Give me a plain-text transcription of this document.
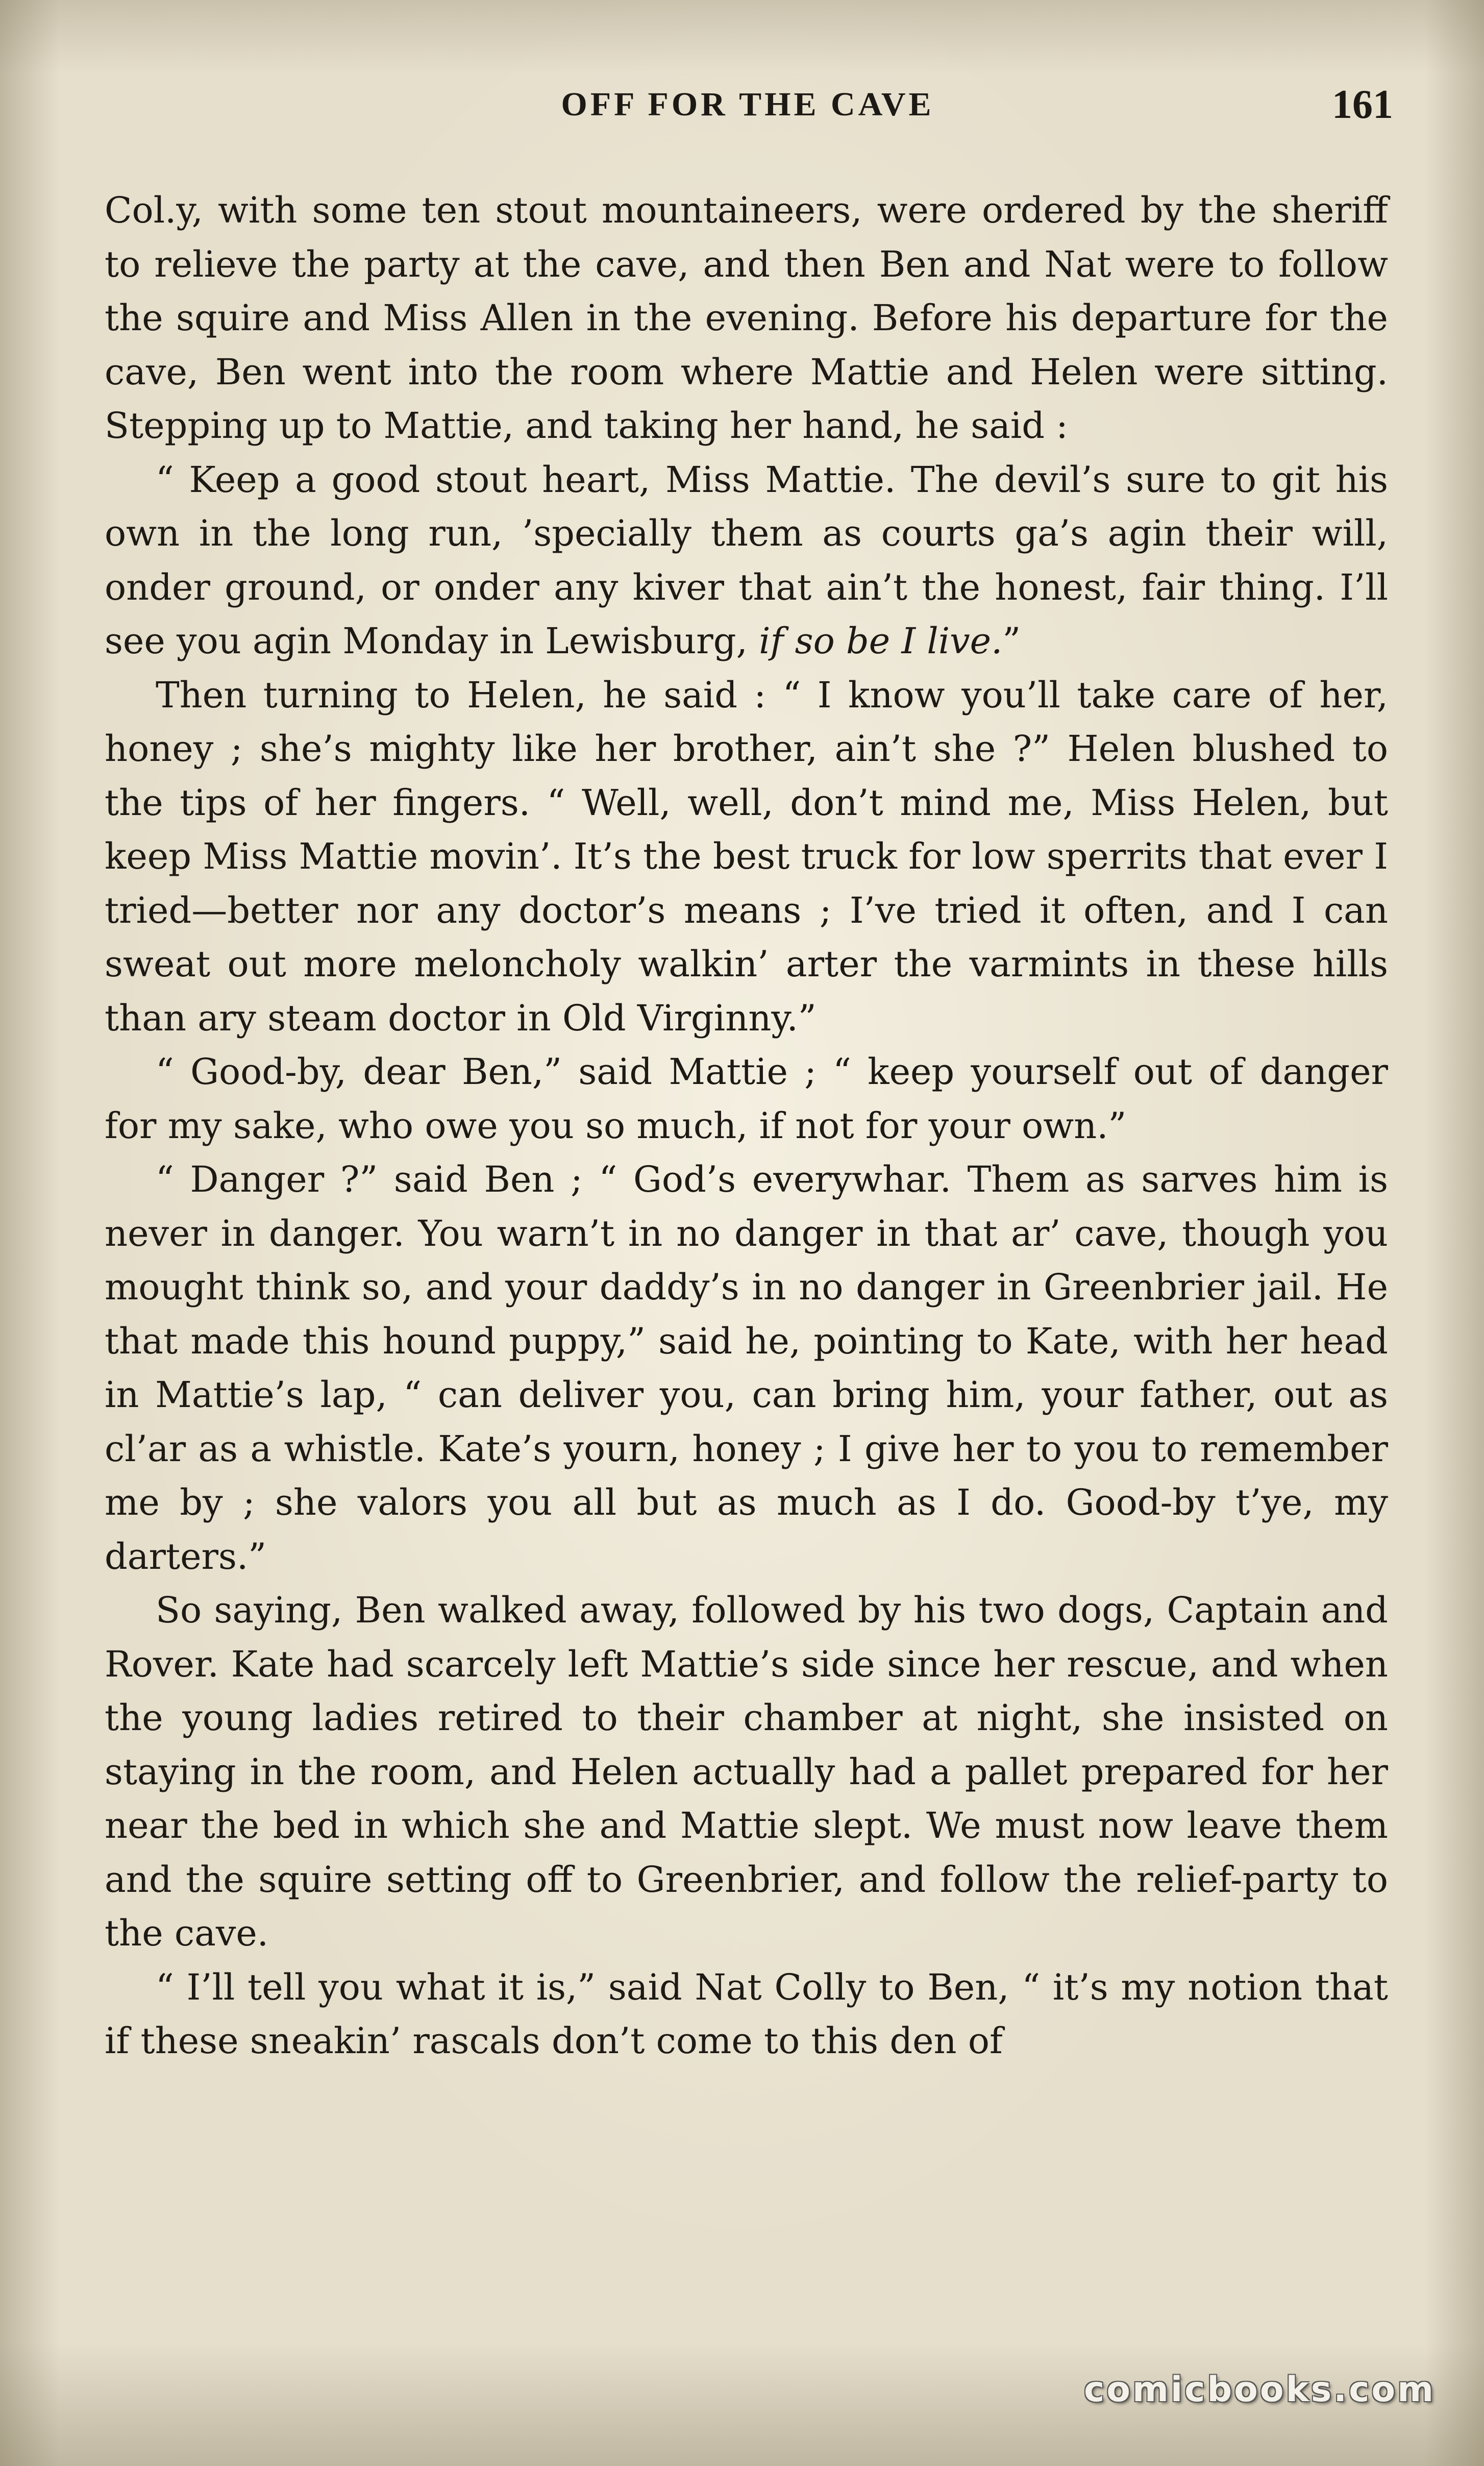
OFF FOR THE CAVE	161

Col.y, with some ten stout mountaineers, were ordered by the sheriff to relieve the party at the cave, and then Ben and Nat were to follow the squire and Miss Allen in the evening. Before his departure for the cave, Ben went into the room where Mattie and Helen were sitting. Stepping up to Mattie, and taking her hand, he said :

“ Keep a good stout heart, Miss Mattie. The devil’s sure to git his own in the long run, ’specially them as courts ga’s agin their will, onder ground, or onder any kiver that ain’t the honest, fair thing. I’ll see you agin Monday in Lewisburg, if so be I live.”

Then turning to Helen, he said : “ I know you’ll take care of her, honey ; she’s mighty like her brother, ain’t she ?” Helen blushed to the tips of her fingers. “ Well, well, don’t mind me, Miss Helen, but keep Miss Mattie movin’. It’s the best truck for low sperrits that ever I tried—better nor any doctor’s means ; I’ve tried it often, and I can sweat out more meloncholy walkin’ arter the varmints in these hills than ary steam doctor in Old Virginny.”

“ Good-by, dear Ben,” said Mattie ; “ keep yourself out of danger for my sake, who owe you so much, if not for your own.”

“ Danger ?” said Ben ; “ God’s everywhar. Them as sarves him is never in danger. You warn’t in no danger in that ar’ cave, though you mought think so, and your daddy’s in no danger in Greenbrier jail. He that made this hound puppy,” said he, pointing to Kate, with her head in Mattie’s lap, “ can deliver you, can bring him, your father, out as cl’ar as a whistle. Kate’s yourn, honey ; I give her to you to remember me by ; she valors you all but as much as I do. Good-by t’ye, my darters.”

So saying, Ben walked away, followed by his two dogs, Captain and Rover. Kate had scarcely left Mattie’s side since her rescue, and when the young ladies retired to their chamber at night, she insisted on staying in the room, and Helen actually had a pallet prepared for her near the bed in which she and Mattie slept. We must now leave them and the squire setting off to Greenbrier, and follow the relief-party to the cave.

“ I’ll tell you what it is,” said Nat Colly to Ben, “ it’s my notion that if these sneakin’ rascals don’t come to this den of

comicbooks.com
